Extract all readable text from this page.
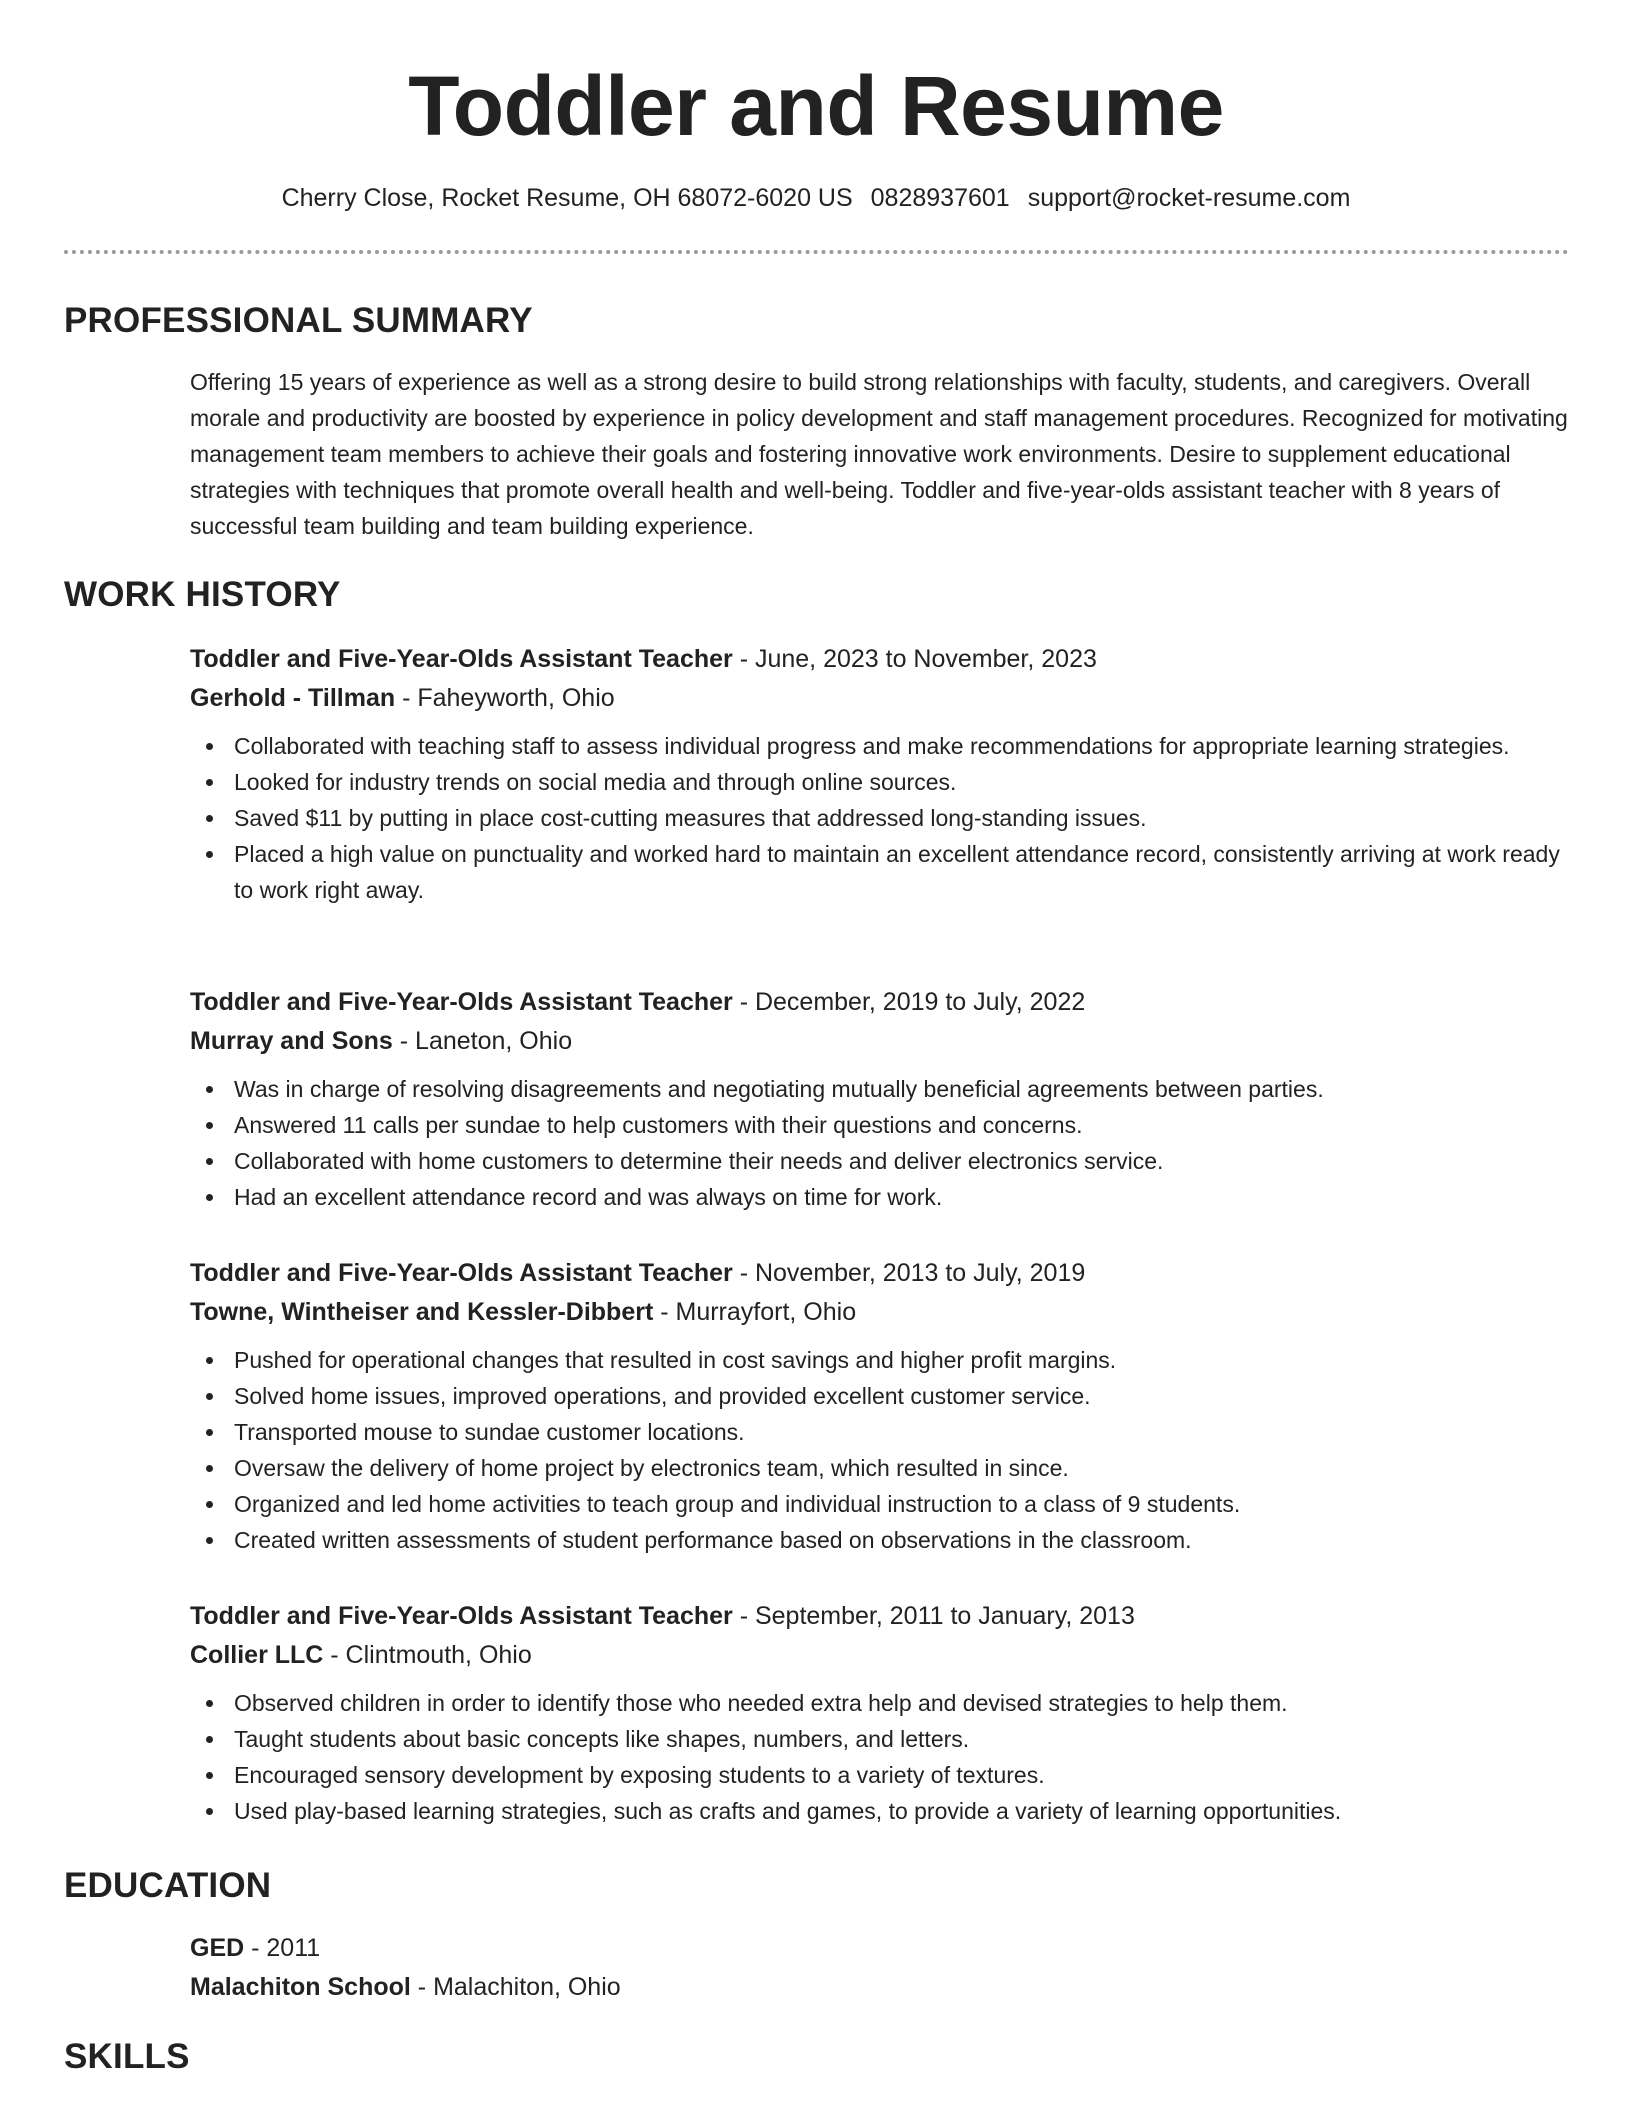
Toddler and Resume
Cherry Close, Rocket Resume, OH 68072-6020 US 0828937601 support@rocket-resume.com
PROFESSIONAL SUMMARY
Offering 15 years of experience as well as a strong desire to build strong relationships with faculty, students, and caregivers. Overall morale and productivity are boosted by experience in policy development and staff management procedures. Recognized for motivating management team members to achieve their goals and fostering innovative work environments. Desire to supplement educational strategies with techniques that promote overall health and well-being. Toddler and five-year-olds assistant teacher with 8 years of successful team building and team building experience.
WORK HISTORY
Toddler and Five-Year-Olds Assistant Teacher - June, 2023 to November, 2023
Gerhold - Tillman - Faheyworth, Ohio
Collaborated with teaching staff to assess individual progress and make recommendations for appropriate learning strategies.
Looked for industry trends on social media and through online sources.
Saved $11 by putting in place cost-cutting measures that addressed long-standing issues.
Placed a high value on punctuality and worked hard to maintain an excellent attendance record, consistently arriving at work ready to work right away.
Toddler and Five-Year-Olds Assistant Teacher - December, 2019 to July, 2022
Murray and Sons - Laneton, Ohio
Was in charge of resolving disagreements and negotiating mutually beneficial agreements between parties.
Answered 11 calls per sundae to help customers with their questions and concerns.
Collaborated with home customers to determine their needs and deliver electronics service.
Had an excellent attendance record and was always on time for work.
Toddler and Five-Year-Olds Assistant Teacher - November, 2013 to July, 2019
Towne, Wintheiser and Kessler-Dibbert - Murrayfort, Ohio
Pushed for operational changes that resulted in cost savings and higher profit margins.
Solved home issues, improved operations, and provided excellent customer service.
Transported mouse to sundae customer locations.
Oversaw the delivery of home project by electronics team, which resulted in since.
Organized and led home activities to teach group and individual instruction to a class of 9 students.
Created written assessments of student performance based on observations in the classroom.
Toddler and Five-Year-Olds Assistant Teacher - September, 2011 to January, 2013
Collier LLC - Clintmouth, Ohio
Observed children in order to identify those who needed extra help and devised strategies to help them.
Taught students about basic concepts like shapes, numbers, and letters.
Encouraged sensory development by exposing students to a variety of textures.
Used play-based learning strategies, such as crafts and games, to provide a variety of learning opportunities.
EDUCATION
GED - 2011
Malachiton School - Malachiton, Ohio
SKILLS
